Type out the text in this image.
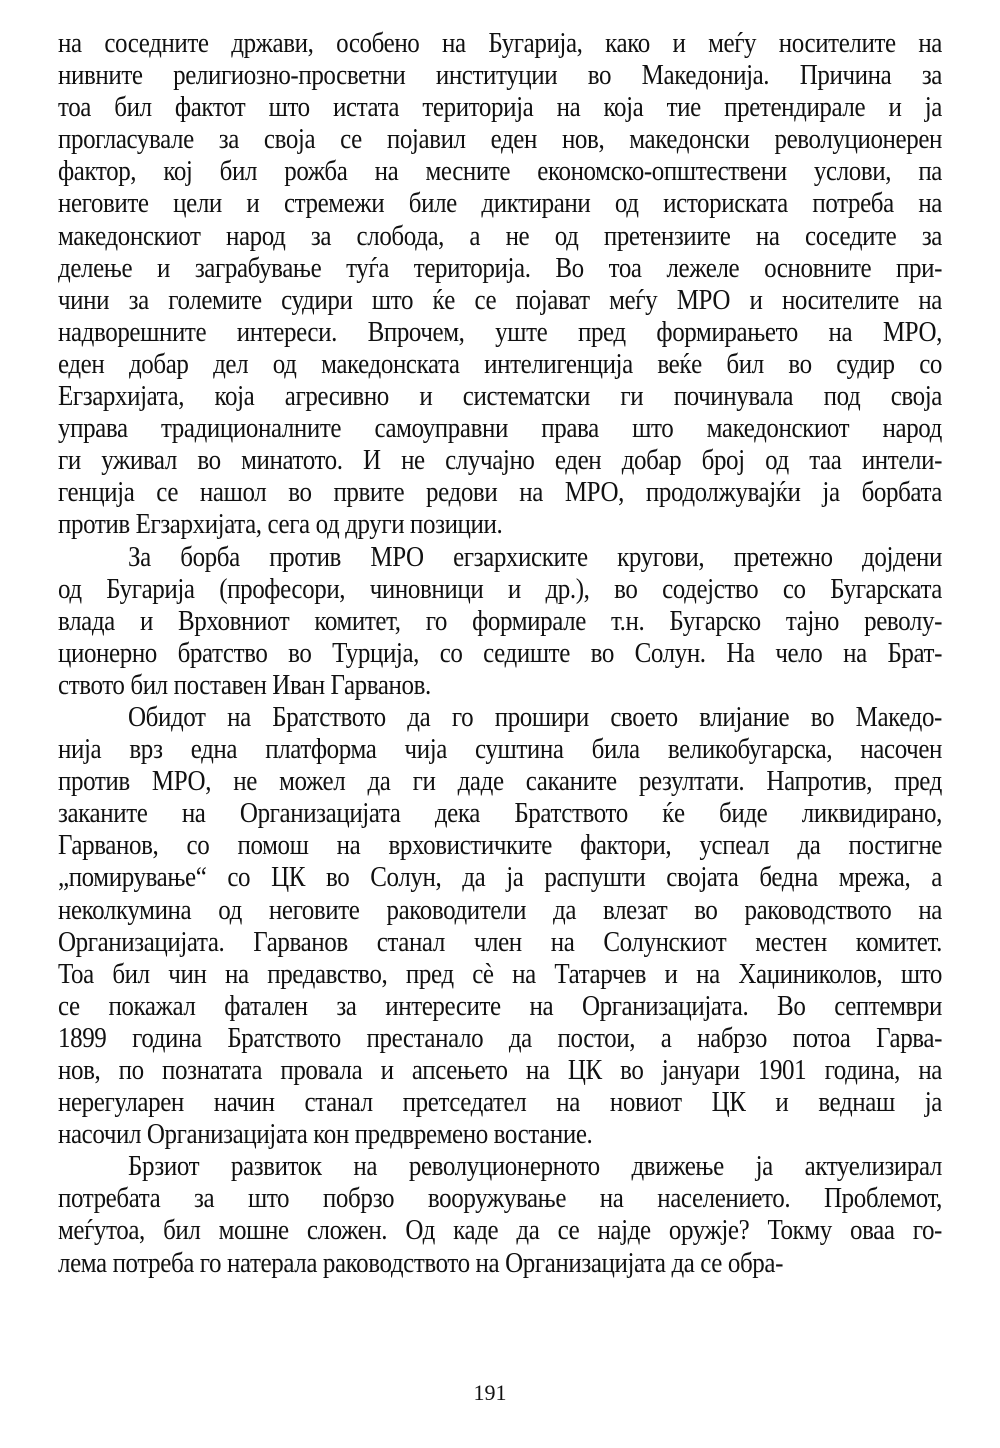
на соседните држави, особено на Бугарија, како и меѓу носителите на
нивните религиозно-просветни институции во Македонија. Причина за
тоа бил фактот што истата територија на која тие претендирале и ја
прогласувале за своја се појавил еден нов, македонски револуционерен
фактор, кој бил рожба на месните економско-општествени услови, па
неговите цели и стремежи биле диктирани од историската потреба на
македонскиот народ за слобода, а не од претензиите на соседите за
делење и заграбување туѓа територија. Во тоа лежеле основните при-
чини за големите судири што ќе се појават меѓу МРО и носителите на
надворешните интереси. Впрочем, уште пред формирањето на МРО,
еден добар дел од македонската интелигенција веќе бил во судир со
Егзархијата, која агресивно и систематски ги починувала под своја
управа традиционалните самоуправни права што македонскиот народ
ги уживал во минатото. И не случајно еден добар број од таа интели-
генција се нашол во првите редови на МРО, продолжувајќи ја борбата
против Егзархијата, сега од други позиции.
За борба против МРО егзархиските кругови, претежно дојдени
од Бугарија (професори, чиновници и др.), во содејство со Бугарската
влада и Врховниот комитет, го формирале т.н. Бугарско тајно револу-
ционерно братство во Турција, со седиште во Солун. На чело на Брат-
ството бил поставен Иван Гарванов.
Обидот на Братството да го прошири своето влијание во Македо-
нија врз една платформа чија суштина била великобугарска, насочен
против МРО, не можел да ги даде саканите резултати. Напротив, пред
заканите на Организацијата дека Братството ќе биде ликвидирано,
Гарванов, со помош на врховистичките фактори, успеал да постигне
„помирување“ со ЦК во Солун, да ја распушти својата бедна мрежа, а
неколкумина од неговите раководители да влезат во раководството на
Организацијата. Гарванов станал член на Солунскиот местен комитет.
Тоа бил чин на предавство, пред сè на Татарчев и на Хаџиниколов, што
се покажал фатален за интересите на Организацијата. Во септември
1899 година Братството престанало да постои, а набрзо потоа Гарва-
нов, по познатата провала и апсењето на ЦК во јануари 1901 година, на
нерегуларен начин станал претседател на новиот ЦК и веднаш ја
насочил Организацијата кон предвремено востание.
Брзиот развиток на револуционерното движење ја актуелизирал
потребата за што побрзо вооружување на населението. Проблемот,
меѓутоа, бил мошне сложен. Од каде да се најде оружје? Токму оваа го-
лема потреба го натерала раководството на Организацијата да се обра-
191
